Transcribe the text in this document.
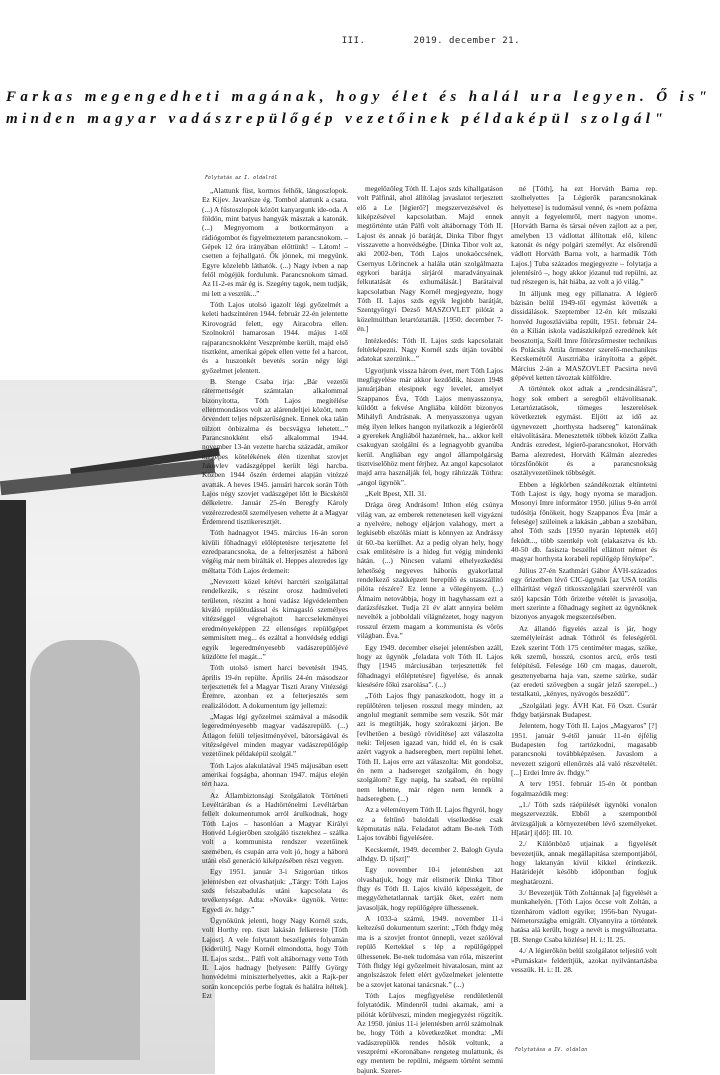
III.	2019. december 21.
Farkas megengedheti magának, hogy élet és halál ura legyen. Ő is"
minden magyar vadászrepülőgép vezetőinek példaképül szolgál"
Folytatás az I. oldalról
Folytatása a IV. oldalon

„Alattunk füst, kormos felhők, lángoszlopok. Ez Kijev. Javarésze ég. Tombol alattunk a csata. (...) A füstoszlopok között kanyargunk ide-oda. A földön, mint batyus hangyák másztak a katonák. (...) Megnyomom a botkormányon a rádiógombot és figyelmeztetem parancsnokom. – Gépek 12 óra irányában előttünk! – Látom! – csetten a fejhallgató. Ők jönnek, mi megyünk. Egyre közelebb láthatók. (...) Nagy ívben a nap felől mögéjük fordulunk. Parancsnokom támad. Az I1-2-es már ég is. Szegény tagok, nem tudják, mi lett a vesztük...”

Tóth Lajos utolsó igazolt légi győzelmét a keleti hadszíntéren 1944. február 22-én jelentette Kirovográd felett, egy Airacobra ellen. Szolnokról hamarosan 1944. május 1-től rajparancsnokként Veszprémbe került, majd első tisztként, amerikai gépek ellen vette fel a harcot, és a huszonkét bevetés során négy légi győzelmet jelentett.

B. Stenge Csaba írja: „Bár vezetői rátermettségét számtalan alkalommal bizonyította, Tóth Lajos megítélése ellentmondásos volt az alárendeltjei között, nem örvendett teljes népszerűségnek. Ennek oka talán túlzott önbizalma és becsvágya lehetett...” Parancsnokként első alkalommal 1944. november 13-án vezette harcba századát, amikor hatgépes kötelékének élén tizenhat szovjet Jakovlev vadászgéppel került légi harcba. Közben 1944 őszén érdemei alapján vitézzé avatták. A heves 1945. januári harcok során Tóth Lajos négy szovjet vadászgépet lőtt le Bicskétől délkeletre. Január 25-én Beregfy Károly vezérezredestől személyesen vehette át a Magyar Érdemrend tisztikeresztjét.

Tóth hadnagyot 1945. március 16-án soron kívüli főhadnagyi előléptetésre terjesztette fel ezredparancsnoka, de a felterjesztést a háború végéig már nem bírálták el. Heppes alezredes így méltatta Tóth Lajos érdemeit:

„Nevezett közel kétévi harctéri szolgálattal rendelkezik, s részint orosz hadműveleti területen, részint a honi vadász légvédelemben kiváló repülőtudással és kimagasló személyes vitézséggel végrehajtott harccselekményei eredményeképpen 22 ellenséges repülőgépet semmisített meg... és ezáltal a honvédség eddigi egyik legeredményesebb vadászrepülőjévé küzdötte fel magát...”

Tóth utolsó ismert harci bevetését 1945. április 19-én repülte. Április 24-én másodszor terjesztették fel a Magyar Tiszti Arany Vitézségi Éremre, azonban ez a felterjesztés sem realizálódott. A dokumentum így jellemzi:

„Magas légi győzelmei számával a második legeredményesebb magyar vadászrepülő. (...) Átlagon felüli teljesítményével, bátorságával és vitézségével minden magyar vadászrepülőgép vezetőinek példaképül szolgál.”

Tóth Lajos alakulatával 1945 májusában esett amerikai fogságba, ahonnan 1947. május elején tért haza.

Az Állambiztonsági Szolgálatok Történeti Levéltárában és a Hadtörténelmi Levéltárban fellelt dokumentumok arról árulkodnak, hogy Tóth Lajos – hasonlóan a Magyar Királyi Honvéd Légierőben szolgáló tisztekhez – szálka volt a kommunista rendszer vezetőinek szemében, és csupán arra volt jó, hogy a háború utáni első generáció kiképzésében részt vegyen.

Egy 1951. január 3-i Szigorúan titkos jelentésben ezt olvashatjuk: „Tárgy: Tóth Lajos szds felszabadulás utáni kapcsolata és tevékenysége. Adta: »Novák« ügynök. Vette: Egyedi áv. hdgy.”

Ügynökünk jelenti, hogy Nagy Kornél szds, volt Horthy rep. tiszt lakásán felkereste [Tóth Lajost]. A vele folytatott beszélgetés folyamán [kiderült], Nagy Kornél elmondotta, hogy Tóth II. Lajos szdst... Pálfi volt altábornagy vette Tóth II. Lajos hadnagy [helyesen: Pálffy György honvédelmi miniszterhelyettes, akit a Rajk-per során koncepciós perbe fogtak és halálra ítéltek]. Ezt

megelőzőleg Tóth II. Lajos szds kihallgatáson volt Pálfinál, ahol állítólag javaslatot terjesztett elő a Le [légierő?] megszervezésével és kiképzésével kapcsolatban. Majd ennek megtörténte után Pálfi volt altábornagy Tóth II. Lajost és annak jó barátját, Dinka Tibor fhgyt visszavette a honvédségbe. [Dinka Tibor volt az, aki 2002-ben, Tóth Lajos unokaöccsének, Csernyus Lőrincnek a halála után szolgálmazta egykori barátja sírjáról maradványainak felkutatását és exhumálását.] Barátaival kapcsolatban Nagy Kornél megjegyezte, hogy Tóth II. Lajos szds egyik legjobb barátját, Szentgyörgyi Dezső MASZOVLET pilótát a közelmúltban letartóztatták. [1950. december 7-én.]

Intézkedés: Tóth II. Lajos szds kapcsolatait feltérképezni. Nagy Kornél szds útján további adatokat szerzünk...”

Ugyorjunk vissza három évet, mert Tóth Lajos megfigyelése már akkor kezdődik, hiszen 1948 januárjában elesipnek egy levelet, amelyet Szappanos Éva, Tóth Lajos menyasszonya, küldött a fekvése Angliába küldött bizonyos Mihályfi Andrásnak. A menyasszonya ugyan még ilyen lelkes hangon nyilatkozik a légierőről a gyerekek Angliából hazatérnek, ha... akkor kell csakugyan szolgálni és a legnagyobb gyanúba kerül. Angliában egy angol állampolgárság tisztviselőhöz ment férjhez. Az angol kapcsolatot majd arra használják fel, hogy ráhúzzák Tóthra: „angol ügynök”.

„Kelt Bpest, XII. 31.

Drága öreg Andrásom! Itthon elég csúnya világ van, az emberek rettenetesen kell vigyázni a nyelvére, nehogy eljárjon valahogy, mert a legkisebb elszólás miatt is könnyen az Andrássy út 60.-ba kerülhet. Az a pedig olyan hely, hogy csak emlitésére is a hideg fut végig mindenki hátán. (...) Nincsen valami elhelyezkedési lehetőség negyeves háborús gyakorlattal rendelkező szakképzett berepülő és utasszállító pilóta részére? Ez lenne a vőlegényem. (...) Álmaim netovábbja, hogy itt hagyhassam ezt a darázsfészket. Tudja 21 év alatt annyira belém nevelték a jobboldali világnézetet, hogy nagyon rosszul érzem magam a kommunista és vörös világban. Éva.”

Egy 1949. december elsejei jelentésben azáll, hogy az ügynök „feladata volt Tóth II. Lajos fhgy [1945 márciusában terjesztették fel főhadnagyi előléptetésre] figyelése, és annak kiesésére főkú zsarolása”. (...)

„Tóth Lajos fhgy panaszkodott, hogy itt a repülőtéren teljesen rosszul megy minden, az angolul megtanít semmibe sem veszik. Sőt már azt is megtiltják, hogy szórakozni járjon. Be [evlhetően a besúgó rövidítése] azt válaszolta neki: Teljesen igazad van, hidd el, én is csak azért vagyok a hadseregben, mert repülni lehet. Tóth II. Lajos erre azt válaszolta: Mit gondolsz, én nem a hadsereget szolgálom, én hogy szolgálom? Egy napig, ha szabad, én repülni nem lehetne, már régen nem lennék a hadseregben. (...)

Az a véleményem Tóth II. Lajos fhgyról, hogy ez a feltűnő baloldali viselkedése csak képmutatás nála. Feladatot adtam Be-nek Tóth Lajos további figyelésére.

Kecskemét, 1949. december 2. Balogh Gyula alhdgy. D. ti[szt]”

Egy november 10-i jelentésben azt olvashatjuk, hogy már elismerik Dinka Tibor fhgy és Tóth II. Lajos kiváló képességeit, de meggyőzhetatlannak tartják őket, ezért nem javasolják, hogy repülőgépre ülhessenek.

A 1033-a számú, 1949. november 11-i keltezésű dokumentum szerint: „Tóth fhdgy még ma is a szovjet frontot ünnepli, vezet szólóval repülő Kertekkel s lép a repülőgéppel ülhessenek. Be-nek tudomása van róla, miszerint Tóth fhdgy légi győzelmeit hivatalosan, mint az angolszászok felett elért győzelmeket jelentette be a szovjet katonai tanácsnak.” (...)

Tóth Lajos megfigyelése rendületlenül folytatódik. Mindenről tudni akarnak, ami a pilótát körülveszi, minden megjegyzést rögzítik. Az 1950. június 11-i jelentésben arról számolnak be, hogy Tóth a következőket mondta: „Mi vadászrepülők rendes hősök voltunk, a veszprémi »Koronában« rengeteg mulattunk, és egy mentem be repülni, mégsem történt semmi bajunk. Szeret-

né [Tóth], ha ezt Horváth Barna rep. szolhelyettes [a Légierők parancsnokának helyettese] is tudomásul venné, és »nem pofázna annyit a fegyelemről, mert nagyon unom«. [Horváth Barna és társai néven zajlott az a per, amelyben 13 vádlottat állítottak elő, kilenc katonát és négy polgári személyt. Az elsőrendű vádlott Horváth Barna volt, a harmadik Tóth Lajos.] Tuba százados megjegyezte – folytatja a jelentésíró –, hogy akkor józanul tud repülni, az tud részegen is, hát hiába, az volt a jó világ.”

Itt álljunk meg egy pillanatra. A légierő bázisán belül 1949-től egymást követték a dissidálások. Szeptember 12-én két műszaki honvéd Jugoszláviába repült, 1951. február 24-én a Kilián iskola vadászkiképző ezredének két beosztottja, Széll Imre főtörzsőrmester technikus és Polácsik Attila őrmester szerelő-mechanikus Kecskemétről Ausztriába irányította a gépét. Március 2-án a MASZOVLET Pacsirta nevű gépével ketten távoztak külföldre.

A történtek okot adtak a „rendcsinálásra”, hogy sok embert a seregből eltávolítsanak. Letartóztatások, tömeges leszerelések következtek egymást. Eljött az idő az úgynevezett „horthysta hadsereg” katonáinak eltávolítására. Menesztették többek között Zalka András ezredest, légierő-parancsnokot, Horváth Barna alezredest, Horváth Kálmán alezredes törzsfőnököt és a parancsnokság osztályvezetőinek többségét.

Ebben a légkörben szándékoztak eltüntetni Tóth Lajost is úgy, hogy nyoma se maradjon. Mosonyi Imre informátor 1950. július 9-én arról tudósítja főnökeit, hogy Szappanos Éva [már a felesége] szüleinek a lakásán „abban a szobában, ahol Tóth szds [1950 nyarán léptették elő] fekúdt..., több szentkép volt (elakasztva és kb. 40-50 db. fasiszta beszéllel elláttott német és magyar horthysta korabeli repülőgép fényképe”.

Július 27-én Szathmári Gábor ÁVH-százados egy őrizetben lévő CIC-ügynök [az USA totális ellhárítást végző titkosszolgálati szervréről van szó] kapcsán Tóth őrizetbe vételét is javasolja, mert szerinte a főhadnagy segített az ügynöknek bizonyos anyagok megszerzésében.

Az állandó figyelés azzal is jár, hogy személyleírást adnak Tóthról és feleségéről. Ezek szerint Tóth 175 centiméter magas, szőke, kék szemű, hosszú, csontos arcú, erős testi felépítésű. Felesége 160 cm magas, dauerolt, gesztenyebarna haja van, szeme szürke, sudár (az eredeti szövegben a sugár jelző szerepel...) testalkatú, „kényes, nyávogós beszédű”.

„Szolgálati jegy. ÁVH Kat. Fő Oszt. Csurár fhdgy batjársnak Budapest.

Jelentem, hogy Tóth II. Lajos „Magyaros” [?] 1951. január 9-étől január 11-én éjfélig Budapesten fog tartózkodni, magasabb parancsnoki továbbképzésen. Javaslom a nevezett szigorú ellenőrzés alá való részvételét. [...] Erdei Imre áv. fhdgy.”

A terv 1951. február 15-én öt pontban fogalmazódik meg:

„1./ Tóth szds ráépülését ügynöki vonalon megszervezzük. Ebből a szempontból átvizsgáljuk a környezetében lévő személyeket. H[atár] i[dő]: III. 10.

2./ Különböző utjainak a figyelését bevezetjük, annak megállapítása szempontjából, hogy laktanyán kívül kikkel érintkezik. Határidejét később időpontban fogjuk meghatározni.

3./ Bevezetjük Tóth Zoltánnak [a] figyelését a munkahelyén. [Tóth Lajos öccse volt Zoltán, a tizenhárom vádlott egyike; 1956-ban Nyugat-Németországba emigrált. Olyannyira a történtek hatása alá került, hogy a nevét is megváltoztatta. [B. Stenge Csaba közlése] H. i.: II. 25.

4./ A légierőkön belül szolgálatot teljesítő volt »Pumáskat« felderítjük, azokat nyilvántartásba vesszük. H. i.: II. 28.
